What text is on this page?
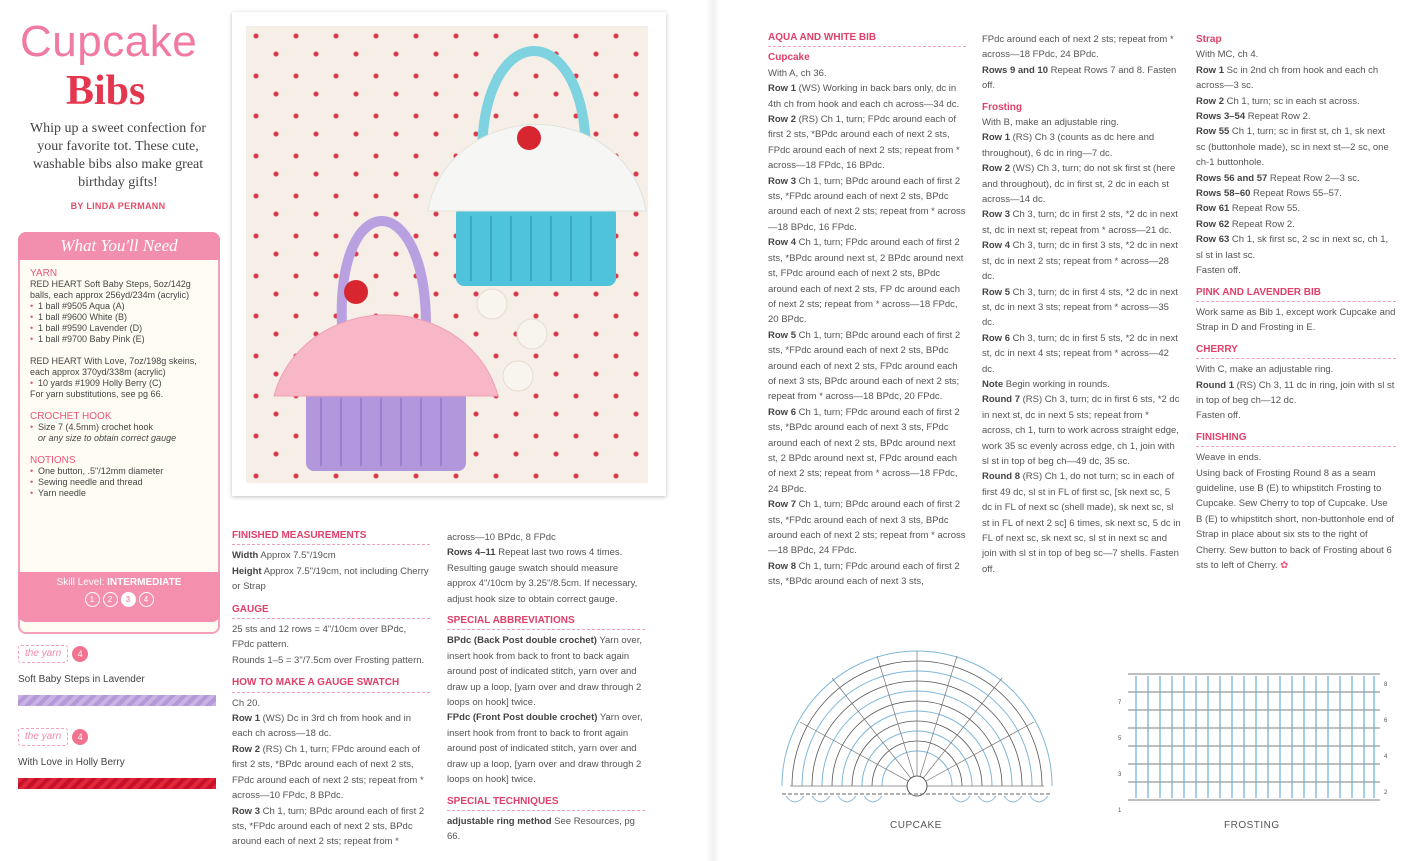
Cupcake
Bibs
Whip up a sweet confection for your favorite tot. These cute, washable bibs also make great birthday gifts!
BY LINDA PERMANN
What You'll Need
YARN
RED HEART Soft Baby Steps, 5oz/142g balls, each approx 256yd/234m (acrylic)
• 1 ball #9505 Aqua (A)
• 1 ball #9600 White (B)
• 1 ball #9590 Lavender (D)
• 1 ball #9700 Baby Pink (E)
RED HEART With Love, 7oz/198g skeins, each approx 370yd/338m (acrylic)
• 10 yards #1909 Holly Berry (C)
For yarn substitutions, see pg 66.
CROCHET HOOK
• Size 7 (4.5mm) crochet hook
or any size to obtain correct gauge
NOTIONS
• One button, .5"/12mm diameter
• Sewing needle and thread
• Yarn needle
Skill Level: INTERMEDIATE
1	2	3	4
the yarn	4
Soft Baby Steps in Lavender
the yarn	4
With Love in Holly Berry
FINISHED MEASUREMENTS
Width Approx 7.5"/19cm
Height Approx 7.5"/19cm, not including Cherry or Strap
GAUGE
25 sts and 12 rows = 4"/10cm over BPdc, FPdc pattern.
Rounds 1–5 = 3"/7.5cm over Frosting pattern.
HOW TO MAKE A GAUGE SWATCH
Ch 20.
Row 1 (WS) Dc in 3rd ch from hook and in each ch across—18 dc.
Row 2 (RS) Ch 1, turn; FPdc around each of first 2 sts, *BPdc around each of next 2 sts, FPdc around each of next 2 sts; repeat from * across—10 FPdc, 8 BPdc.
Row 3 Ch 1, turn; BPdc around each of first 2 sts, *FPdc around each of next 2 sts, BPdc around each of next 2 sts; repeat from *
across—10 BPdc, 8 FPdc
Rows 4–11 Repeat last two rows 4 times. Resulting gauge swatch should measure approx 4"/10cm by 3.25"/8.5cm. If necessary, adjust hook size to obtain correct gauge.
SPECIAL ABBREVIATIONS
BPdc (Back Post double crochet) Yarn over, insert hook from back to front to back again around post of indicated stitch, yarn over and draw up a loop, [yarn over and draw through 2 loops on hook] twice.
FPdc (Front Post double crochet) Yarn over, insert hook from front to back to front again around post of indicated stitch, yarn over and draw up a loop, [yarn over and draw through 2 loops on hook] twice.
SPECIAL TECHNIQUES
adjustable ring method See Resources, pg 66.
AQUA AND WHITE BIB
Cupcake
With A, ch 36.
Row 1 (WS) Working in back bars only, dc in 4th ch from hook and each ch across—34 dc.
Row 2 (RS) Ch 1, turn; FPdc around each of first 2 sts, *BPdc around each of next 2 sts, FPdc around each of next 2 sts; repeat from * across—18 FPdc, 16 BPdc.
Row 3 Ch 1, turn; BPdc around each of first 2 sts, *FPdc around each of next 2 sts, BPdc around each of next 2 sts; repeat from * across—18 BPdc, 16 FPdc.
Row 4 Ch 1, turn; FPdc around each of first 2 sts, *BPdc around next st, 2 BPdc around next st, FPdc around each of next 2 sts, BPdc around each of next 2 sts, FP dc around each of next 2 sts; repeat from * across—18 FPdc, 20 BPdc.
Row 5 Ch 1, turn; BPdc around each of first 2 sts, *FPdc around each of next 2 sts, BPdc around each of next 2 sts, FPdc around each of next 3 sts, BPdc around each of next 2 sts; repeat from * across—18 BPdc, 20 FPdc.
Row 6 Ch 1, turn; FPdc around each of first 2 sts, *BPdc around each of next 3 sts, FPdc around each of next 2 sts, BPdc around next st, 2 BPdc around next st, FPdc around each of next 2 sts; repeat from * across—18 FPdc, 24 BPdc.
Row 7 Ch 1, turn; BPdc around each of first 2 sts, *FPdc around each of next 3 sts, BPdc around each of next 2 sts; repeat from * across—18 BPdc, 24 FPdc.
Row 8 Ch 1, turn; FPdc around each of first 2 sts, *BPdc around each of next 3 sts,
FPdc around each of next 2 sts; repeat from * across—18 FPdc, 24 BPdc.
Rows 9 and 10 Repeat Rows 7 and 8. Fasten off.
Frosting
With B, make an adjustable ring.
Row 1 (RS) Ch 3 (counts as dc here and throughout), 6 dc in ring—7 dc.
Row 2 (WS) Ch 3, turn; do not sk first st (here and throughout), dc in first st, 2 dc in each st across—14 dc.
Row 3 Ch 3, turn; dc in first 2 sts, *2 dc in next st, dc in next st; repeat from * across—21 dc.
Row 4 Ch 3, turn; dc in first 3 sts, *2 dc in next st, dc in next 2 sts; repeat from * across—28 dc.
Row 5 Ch 3, turn; dc in first 4 sts, *2 dc in next st, dc in next 3 sts; repeat from * across—35 dc.
Row 6 Ch 3, turn; dc in first 5 sts, *2 dc in next st, dc in next 4 sts; repeat from * across—42 dc.
Note Begin working in rounds.
Round 7 (RS) Ch 3, turn; dc in first 6 sts, *2 dc in next st, dc in next 5 sts; repeat from * across, ch 1, turn to work across straight edge, work 35 sc evenly across edge, ch 1, join with sl st in top of beg ch—49 dc, 35 sc.
Round 8 (RS) Ch 1, do not turn; sc in each of first 49 dc, sl st in FL of first sc, [sk next sc, 5 dc in FL of next sc (shell made), sk next sc, sl st in FL of next 2 sc] 6 times, sk next sc, 5 dc in FL of next sc, sk next sc, sl st in next sc and join with sl st in top of beg sc—7 shells. Fasten off.
Strap
With MC, ch 4.
Row 1 Sc in 2nd ch from hook and each ch across—3 sc.
Row 2 Ch 1, turn; sc in each st across.
Rows 3–54 Repeat Row 2.
Row 55 Ch 1, turn; sc in first st, ch 1, sk next sc (buttonhole made), sc in next st—2 sc, one ch-1 buttonhole.
Rows 56 and 57 Repeat Row 2—3 sc.
Rows 58–60 Repeat Rows 55–57.
Row 61 Repeat Row 55.
Row 62 Repeat Row 2.
Row 63 Ch 1, sk first sc, 2 sc in next sc, ch 1, sl st in last sc.
Fasten off.
PINK AND LAVENDER BIB
Work same as Bib 1, except work Cupcake and Strap in D and Frosting in E.
CHERRY
With C, make an adjustable ring.
Round 1 (RS) Ch 3, 11 dc in ring, join with sl st in top of beg ch—12 dc.
Fasten off.
FINISHING
Weave in ends.
Using back of Frosting Round 8 as a seam guideline, use B (E) to whipstitch Frosting to Cupcake. Sew Cherry to top of Cupcake. Use B (E) to whipstitch short, non-buttonhole end of Strap in place about six sts to the right of Cherry. Sew button to back of Frosting about 6 sts to left of Cherry. ✿
CUPCAKE
8
7
6
5
4
3
2
1
FROSTING
